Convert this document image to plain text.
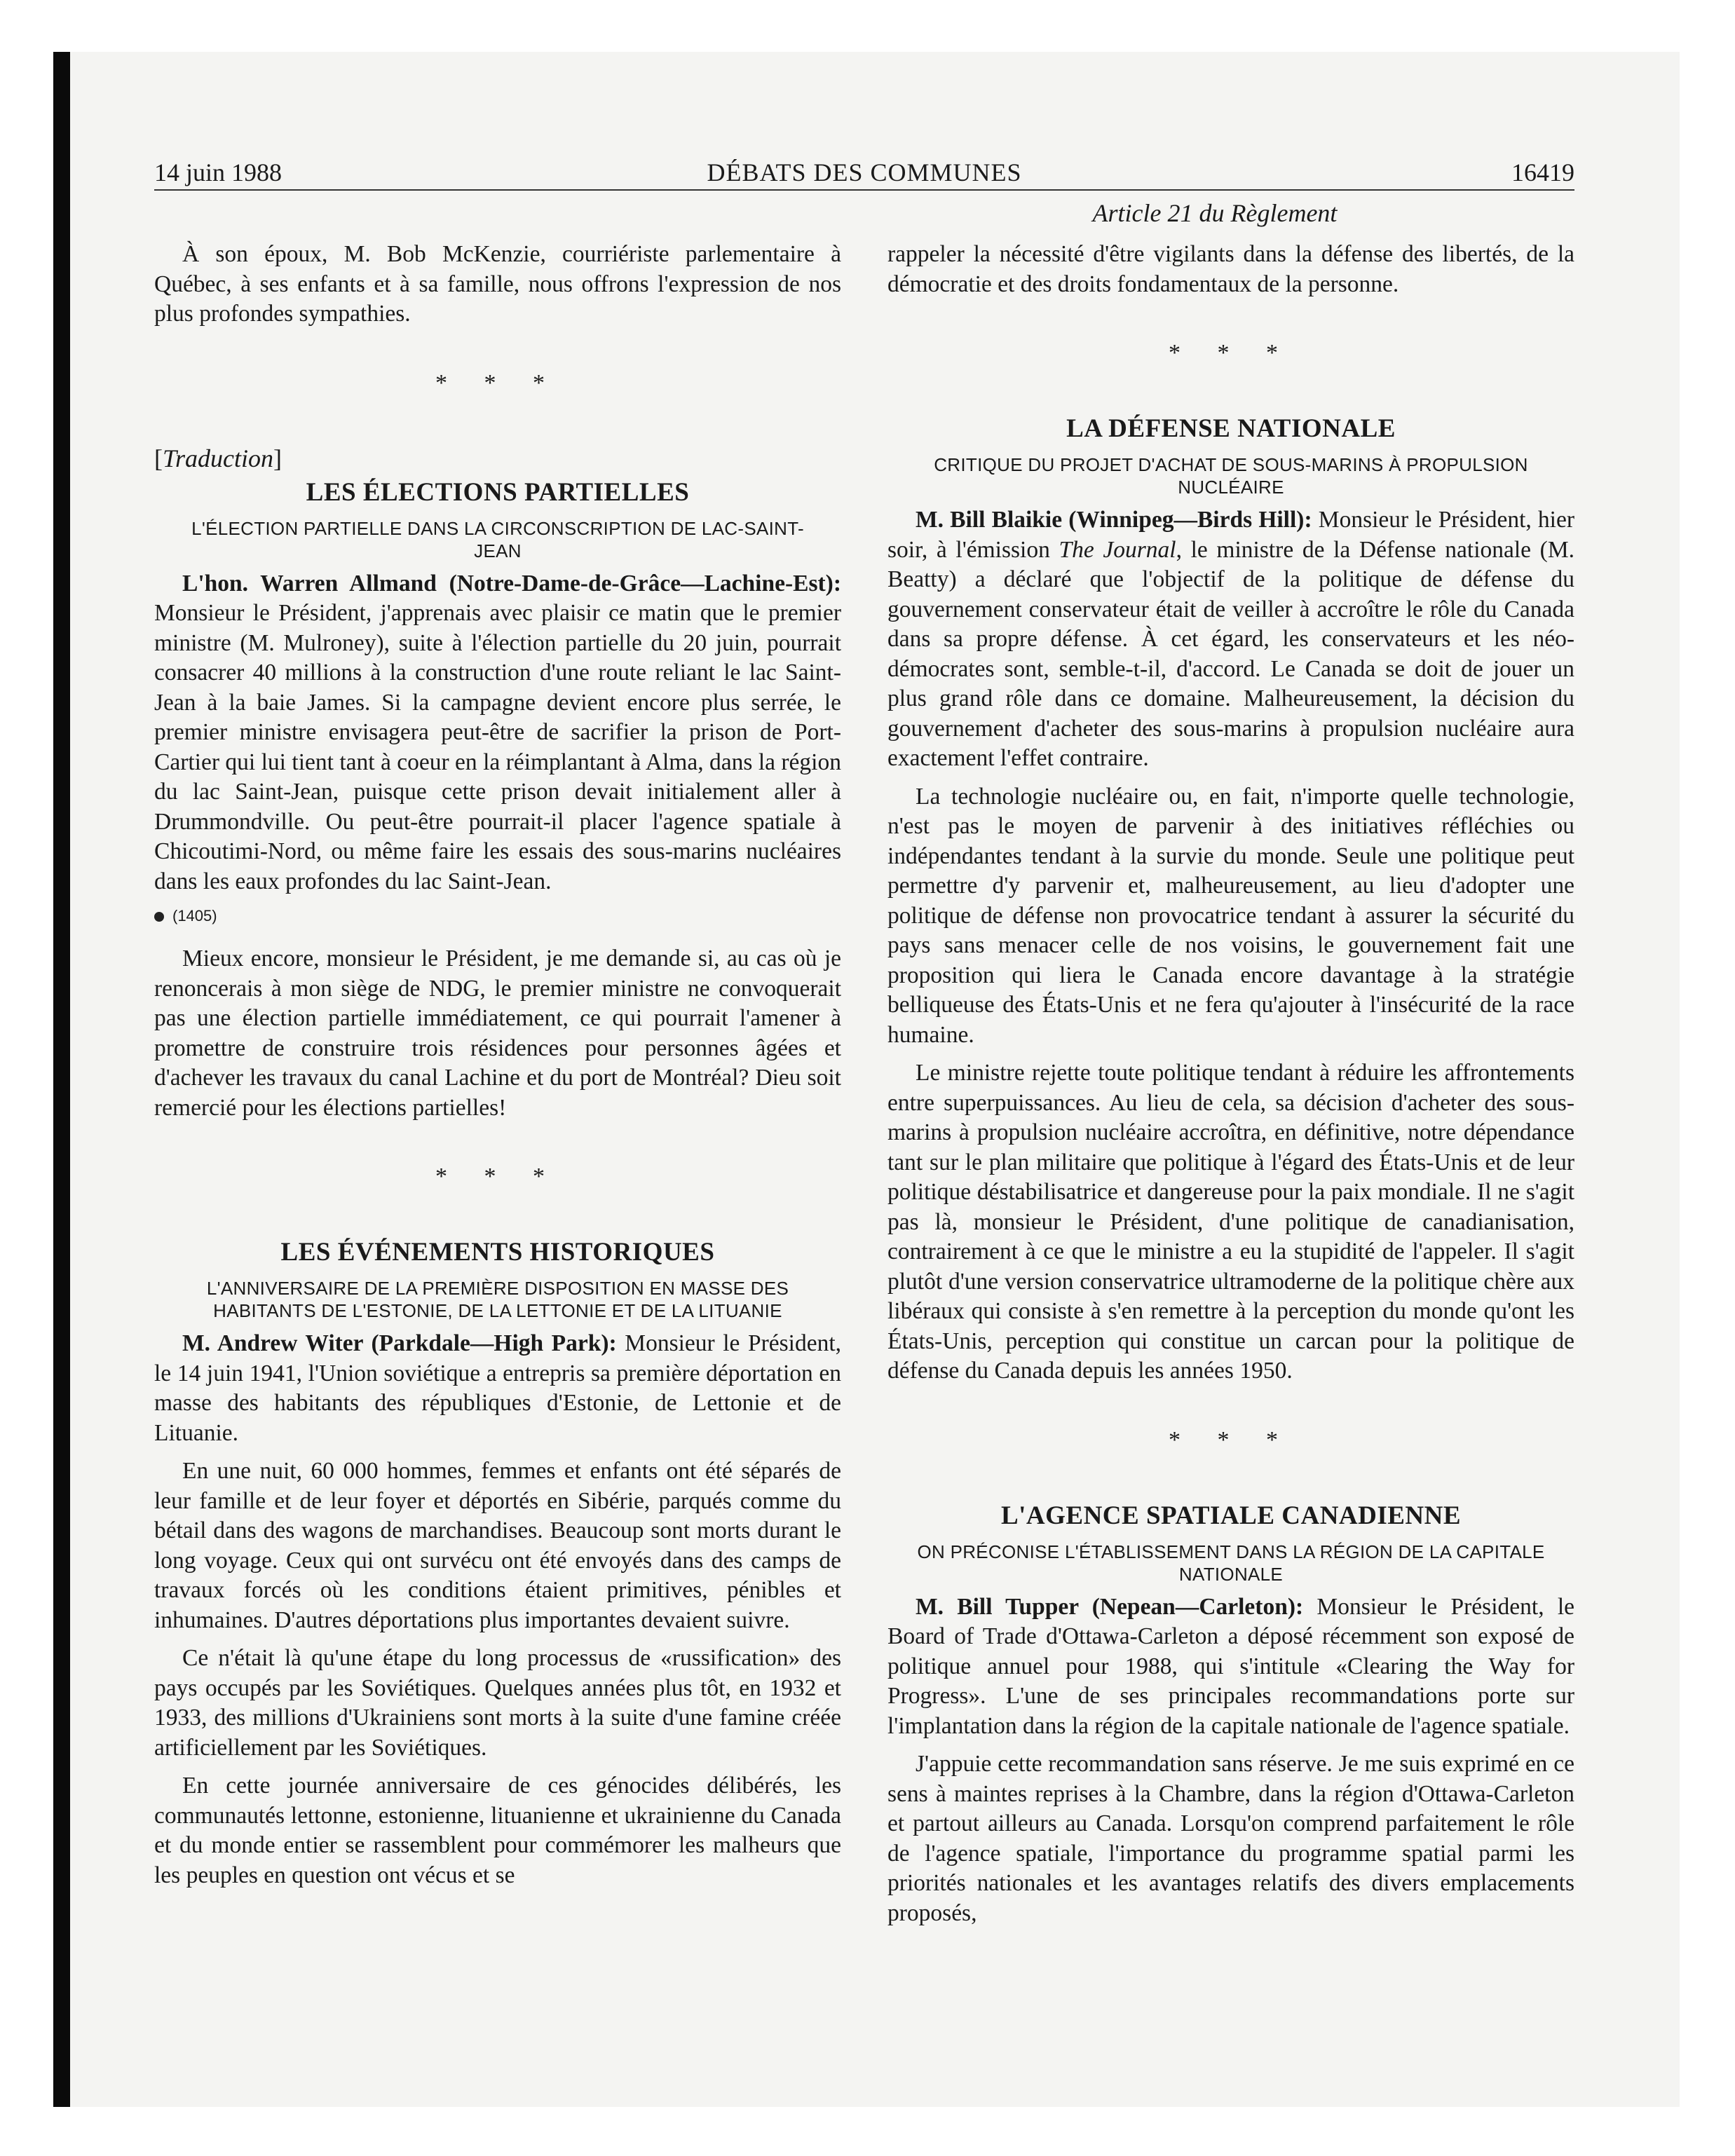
14 juin 1988	DÉBATS DES COMMUNES	16419
Article 21 du Règlement

À son époux, M. Bob McKenzie, courriériste parlementaire à Québec, à ses enfants et à sa famille, nous offrons l'expression de nos plus profondes sympathies.

* * *
[Traduction]
LES ÉLECTIONS PARTIELLES
L'ÉLECTION PARTIELLE DANS LA CIRCONSCRIPTION DE LAC-SAINT-JEAN

L'hon. Warren Allmand (Notre-Dame-de-Grâce—Lachine-Est): Monsieur le Président, j'apprenais avec plaisir ce matin que le premier ministre (M. Mulroney), suite à l'élection partielle du 20 juin, pourrait consacrer 40 millions à la construction d'une route reliant le lac Saint-Jean à la baie James. Si la campagne devient encore plus serrée, le premier ministre envisagera peut-être de sacrifier la prison de Port-Cartier qui lui tient tant à coeur en la réimplantant à Alma, dans la région du lac Saint-Jean, puisque cette prison devait initialement aller à Drummondville. Ou peut-être pourrait-il placer l'agence spatiale à Chicoutimi-Nord, ou même faire les essais des sous-marins nucléaires dans les eaux profondes du lac Saint-Jean.

(1405)

Mieux encore, monsieur le Président, je me demande si, au cas où je renoncerais à mon siège de NDG, le premier ministre ne convoquerait pas une élection partielle immédiatement, ce qui pourrait l'amener à promettre de construire trois résidences pour personnes âgées et d'achever les travaux du canal Lachine et du port de Montréal? Dieu soit remercié pour les élections partielles!

* * *
LES ÉVÉNEMENTS HISTORIQUES
L'ANNIVERSAIRE DE LA PREMIÈRE DISPOSITION EN MASSE DES HABITANTS DE L'ESTONIE, DE LA LETTONIE ET DE LA LITUANIE

M. Andrew Witer (Parkdale—High Park): Monsieur le Président, le 14 juin 1941, l'Union soviétique a entrepris sa première déportation en masse des habitants des républiques d'Estonie, de Lettonie et de Lituanie.

En une nuit, 60 000 hommes, femmes et enfants ont été séparés de leur famille et de leur foyer et déportés en Sibérie, parqués comme du bétail dans des wagons de marchandises. Beaucoup sont morts durant le long voyage. Ceux qui ont survécu ont été envoyés dans des camps de travaux forcés où les conditions étaient primitives, pénibles et inhumaines. D'autres déportations plus importantes devaient suivre.

Ce n'était là qu'une étape du long processus de «russification» des pays occupés par les Soviétiques. Quelques années plus tôt, en 1932 et 1933, des millions d'Ukrainiens sont morts à la suite d'une famine créée artificiellement par les Soviétiques.

En cette journée anniversaire de ces génocides délibérés, les communautés lettonne, estonienne, lituanienne et ukrainienne du Canada et du monde entier se rassemblent pour commémorer les malheurs que les peuples en question ont vécus et se

rappeler la nécessité d'être vigilants dans la défense des libertés, de la démocratie et des droits fondamentaux de la personne.

* * *
LA DÉFENSE NATIONALE
CRITIQUE DU PROJET D'ACHAT DE SOUS-MARINS À PROPULSION NUCLÉAIRE

M. Bill Blaikie (Winnipeg—Birds Hill): Monsieur le Président, hier soir, à l'émission The Journal, le ministre de la Défense nationale (M. Beatty) a déclaré que l'objectif de la politique de défense du gouvernement conservateur était de veiller à accroître le rôle du Canada dans sa propre défense. À cet égard, les conservateurs et les néo-démocrates sont, semble-t-il, d'accord. Le Canada se doit de jouer un plus grand rôle dans ce domaine. Malheureusement, la décision du gouvernement d'acheter des sous-marins à propulsion nucléaire aura exactement l'effet contraire.

La technologie nucléaire ou, en fait, n'importe quelle technologie, n'est pas le moyen de parvenir à des initiatives réfléchies ou indépendantes tendant à la survie du monde. Seule une politique peut permettre d'y parvenir et, malheureusement, au lieu d'adopter une politique de défense non provocatrice tendant à assurer la sécurité du pays sans menacer celle de nos voisins, le gouvernement fait une proposition qui liera le Canada encore davantage à la stratégie belliqueuse des États-Unis et ne fera qu'ajouter à l'insécurité de la race humaine.

Le ministre rejette toute politique tendant à réduire les affrontements entre superpuissances. Au lieu de cela, sa décision d'acheter des sous-marins à propulsion nucléaire accroîtra, en définitive, notre dépendance tant sur le plan militaire que politique à l'égard des États-Unis et de leur politique déstabilisatrice et dangereuse pour la paix mondiale. Il ne s'agit pas là, monsieur le Président, d'une politique de canadianisation, contrairement à ce que le ministre a eu la stupidité de l'appeler. Il s'agit plutôt d'une version conservatrice ultramoderne de la politique chère aux libéraux qui consiste à s'en remettre à la perception du monde qu'ont les États-Unis, perception qui constitue un carcan pour la politique de défense du Canada depuis les années 1950.

* * *
L'AGENCE SPATIALE CANADIENNE
ON PRÉCONISE L'ÉTABLISSEMENT DANS LA RÉGION DE LA CAPITALE NATIONALE

M. Bill Tupper (Nepean—Carleton): Monsieur le Président, le Board of Trade d'Ottawa-Carleton a déposé récemment son exposé de politique annuel pour 1988, qui s'intitule «Clearing the Way for Progress». L'une de ses principales recommandations porte sur l'implantation dans la région de la capitale nationale de l'agence spatiale.

J'appuie cette recommandation sans réserve. Je me suis exprimé en ce sens à maintes reprises à la Chambre, dans la région d'Ottawa-Carleton et partout ailleurs au Canada. Lorsqu'on comprend parfaitement le rôle de l'agence spatiale, l'importance du programme spatial parmi les priorités nationales et les avantages relatifs des divers emplacements proposés,
